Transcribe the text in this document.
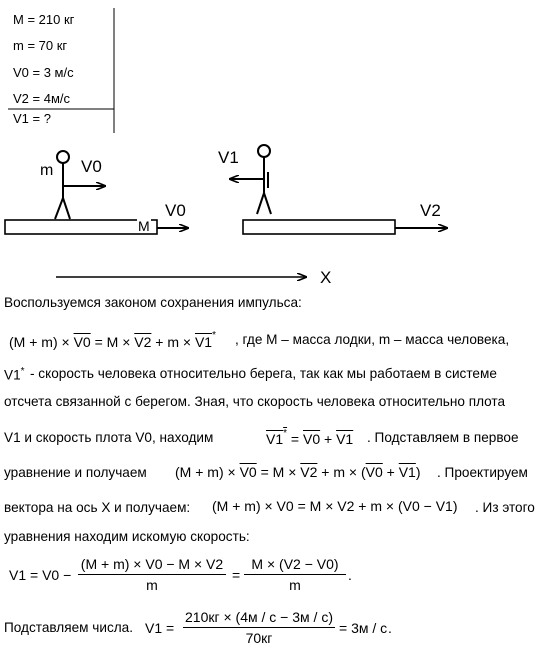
M = 210 кг
m = 70 кг
V0 = 3 м/с
V2 = 4м/с
V1 = ?
m V0
V0
M
V1
V2
X
Воспользуемся законом сохранения импульса:
(M + m) × V0 = M × V2 + m × V1* , где M – масса лодки, m – масса человека,
V1* - скорость человека относительно берега, так как мы работаем в системе
отсчета связанной с берегом. Зная, что скорость человека относительно плота
V1 и скорость плота V0, находим	V1* = V0 + V1 . Подставляем в первое
уравнение и получаем (M + m) × V0 = M × V2 + m × (V0 + V1) . Проектируем
вектора на ось X и получаем: (M + m) × V0 = M × V2 + m × (V0 − V1) . Из этого
уравнения находим искомую скорость:
$V1 = V0 - \frac{(M + m) \times V0 - M \times V2}{m} = \frac{M \times (V2 - V0)}{m}$ .
Подставляем числа. V1 =
210кг × (4м / с − 3м / с)
70кг
= 3м / с .
